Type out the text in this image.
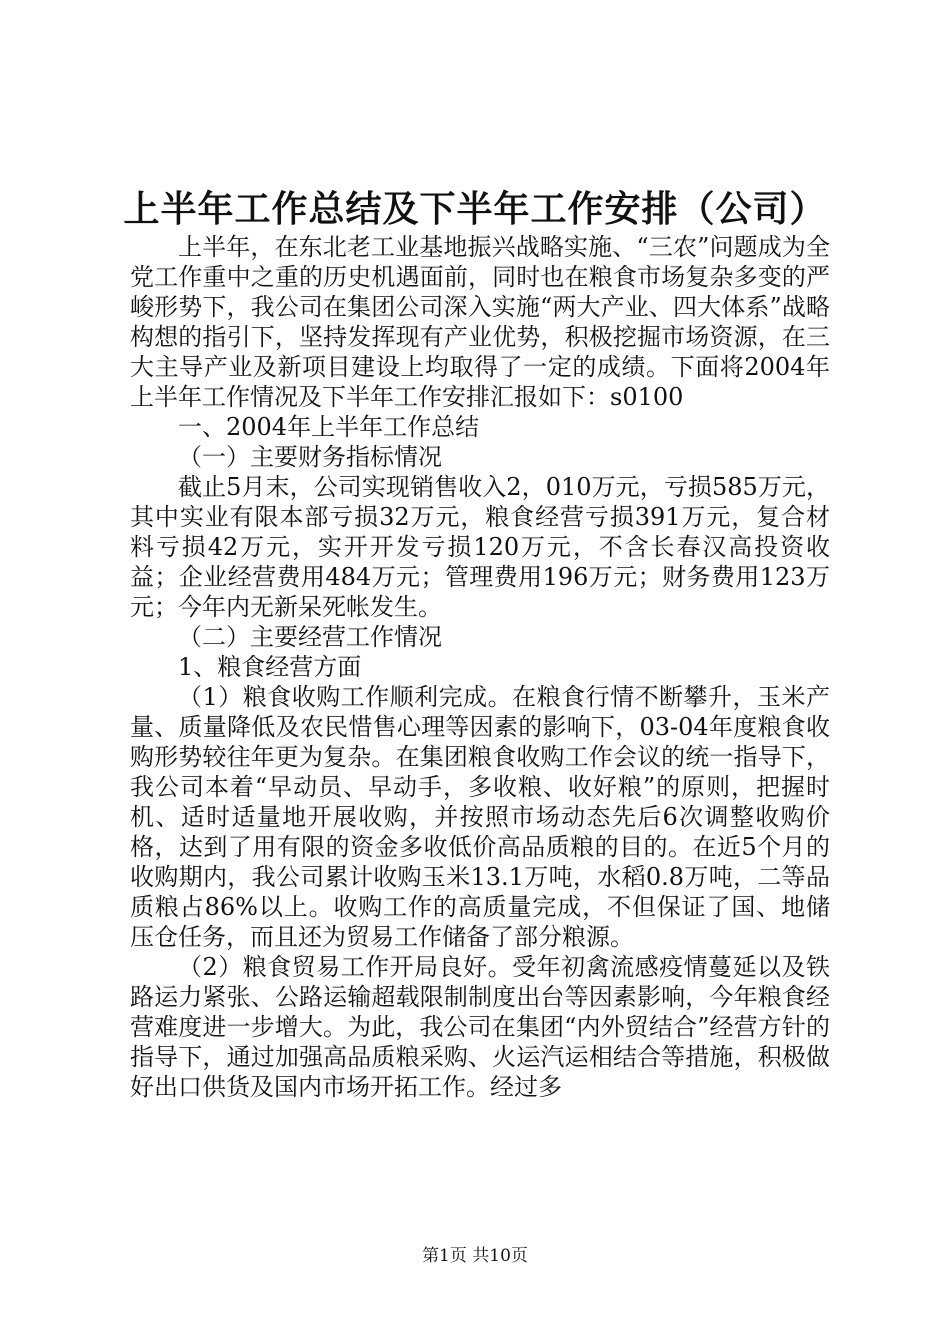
上半年工作总结及下半年工作安排（公司）

上半年，在东北老工业基地振兴战略实施、“三农”问题成为全党工作重中之重的历史机遇面前，同时也在粮食市场复杂多变的严峻形势下，我公司在集团公司深入实施“两大产业、四大体系”战略构想的指引下，坚持发挥现有产业优势，积极挖掘市场资源，在三大主导产业及新项目建设上均取得了一定的成绩。下面将2004年上半年工作情况及下半年工作安排汇报如下：s0100

一、2004年上半年工作总结

（一）主要财务指标情况

截止5月末，公司实现销售收入2，010万元，亏损585万元，其中实业有限本部亏损32万元，粮食经营亏损391万元，复合材料亏损42万元，实开开发亏损120万元，不含长春汉高投资收益；企业经营费用484万元；管理费用196万元；财务费用123万元；今年内无新呆死帐发生。

（二）主要经营工作情况

1、粮食经营方面

（1）粮食收购工作顺利完成。在粮食行情不断攀升，玉米产量、质量降低及农民惜售心理等因素的影响下，03-04年度粮食收购形势较往年更为复杂。在集团粮食收购工作会议的统一指导下，我公司本着“早动员、早动手，多收粮、收好粮”的原则，把握时机、适时适量地开展收购，并按照市场动态先后6次调整收购价格，达到了用有限的资金多收低价高品质粮的目的。在近5个月的收购期内，我公司累计收购玉米13.1万吨，水稻0.8万吨，二等品质粮占86%以上。收购工作的高质量完成，不但保证了国、地储压仓任务，而且还为贸易工作储备了部分粮源。

（2）粮食贸易工作开局良好。受年初禽流感疫情蔓延以及铁路运力紧张、公路运输超载限制制度出台等因素影响，今年粮食经营难度进一步增大。为此，我公司在集团“内外贸结合”经营方针的指导下，通过加强高品质粮采购、火运汽运相结合等措施，积极做好出口供货及国内市场开拓工作。经过多

第1页 共10页
